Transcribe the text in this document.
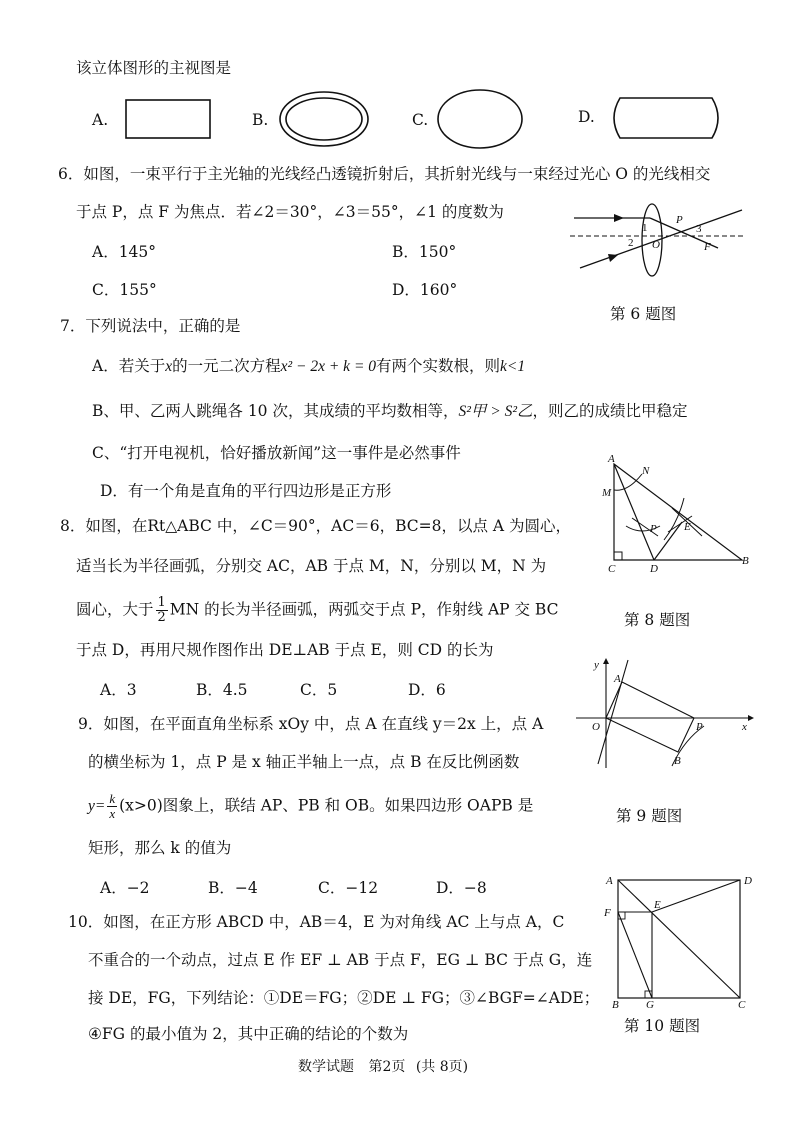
该立体图形的主视图是
A.	B.	C.	D.
6．如图，一束平行于主光轴的光线经凸透镜折射后，其折射光线与一束经过光心 O 的光线相交
于点 P，点 F 为焦点．若∠2＝30°，∠3＝55°，∠1 的度数为
A．145°	B．150°
C．155°	D．160°
1
2
3
P
O	F
第 6 题图
7．下列说法中，正确的是
A．若关于x的一元二次方程x² − 2x + k = 0有两个实数根，则k<1
B、甲、乙两人跳绳各 10 次，其成绩的平均数相等，S²甲 > S²乙，则乙的成绩比甲稳定
C、“打开电视机，恰好播放新闻”这一事件是必然事件
D．有一个角是直角的平行四边形是正方形
8．如图，在Rt△ABC 中，∠C＝90°，AC＝6，BC=8，以点 A 为圆心，
适当长为半径画弧，分别交 AC，AB 于点 M，N，分别以 M，N 为
圆心，大于 $\frac{1}{2}$ MN 的长为半径画弧，两弧交于点 P，作射线 AP 交 BC
于点 D，再用尺规作图作出 DE⊥AB 于点 E，则 CD 的长为
A．3	B．4.5	C．5	D．6
A
N
M
P E
C	D
B
第 8 题图
9．如图，在平面直角坐标系 xOy 中，点 A 在直线 y＝2x 上，点 A
的横坐标为 1，点 P 是 x 轴正半轴上一点，点 B 在反比例函数
$y= \frac{k}{x} (x>0)$图象上，联结 AP、PB 和 OB。如果四边形 OAPB 是
矩形，那么 k 的值为
A．−2	B．−4	C．−12	D．−8
y
x
O
A
P
B
第 9 题图
10．如图，在正方形 ABCD 中，AB＝4，E 为对角线 AC 上与点 A，C
不重合的一个动点，过点 E 作 EF ⊥ AB 于点 F，EG ⊥ BC 于点 G，连
接 DE，FG，下列结论：①DE＝FG；②DE ⊥ FG；③∠BGF=∠ADE；
④FG 的最小值为 2，其中正确的结论的个数为
A	D
F
E
B G	C
第 10 题图
数学试题 第2页 (共 8页)
